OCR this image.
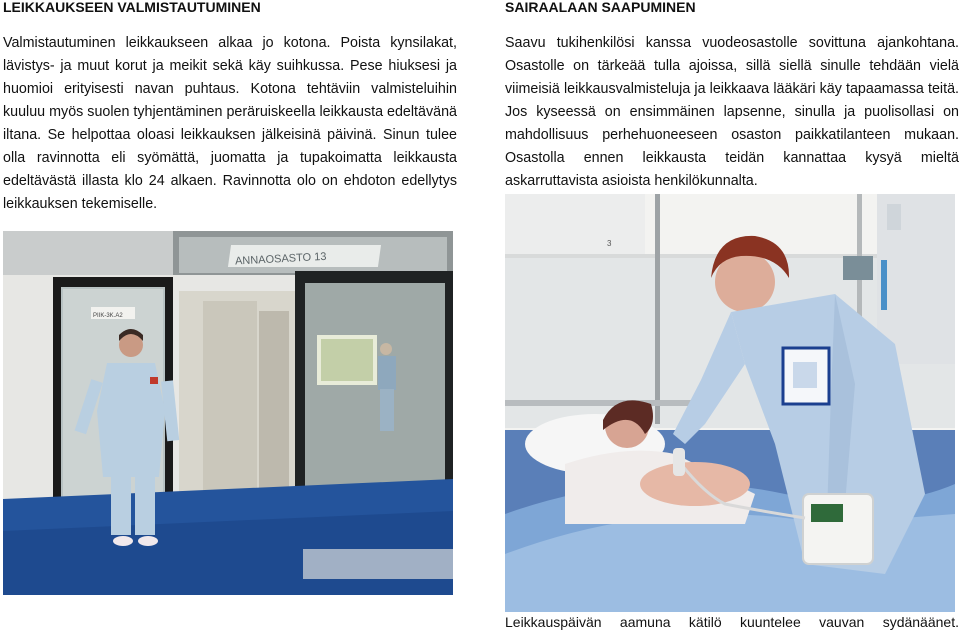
LEIKKAUKSEEN VALMISTAUTUMINEN

Valmistautuminen leikkaukseen alkaa jo kotona. Poista kynsilakat, lävistys- ja muut korut ja meikit sekä käy suihkussa. Pese hiuksesi ja huomioi erityisesti navan puhtaus. Kotona tehtäviin valmisteluihin kuuluu myös suolen tyhjentäminen peräruiskeella leikkausta edeltävänä iltana. Se helpottaa oloasi leikkauksen jälkeisinä päivinä. Sinun tulee olla ravinnotta eli syömättä, juomatta ja tupakoimatta leikkausta edeltävästä illasta klo 24 alkaen. Ravinnotta olo on ehdoton edellytys leikkauksen tekemiselle.

SAIRAALAAN SAAPUMINEN

Saavu tukihenkilösi kanssa vuodeosastolle sovittuna ajankohtana. Osastolle on tärkeää tulla ajoissa, sillä siellä sinulle tehdään vielä viimeisiä leikkausvalmisteluja ja leikkaava lääkäri käy tapaamassa teitä. Jos kyseessä on ensimmäinen lapsenne, sinulla ja puolisollasi on mahdollisuus perhehuoneeseen osaston paikkatilanteen mukaan. Osastolla ennen leikkausta teidän kannattaa kysyä mieltä askarruttavista asioista henkilökunnalta.

ANNAOSASTO 13
PIIK-3K.A2
3

Leikkauspäivän aamuna kätilö kuuntelee vauvan sydänäänet.
